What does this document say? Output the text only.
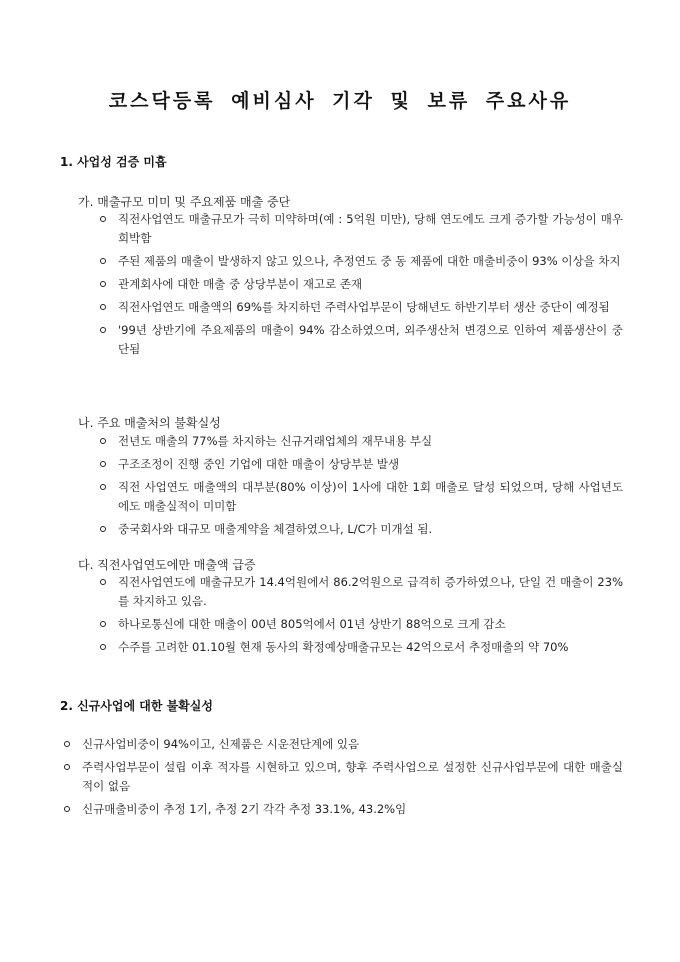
코스닥등록 예비심사 기각 및 보류 주요사유
1. 사업성 검증 미흡
가. 매출규모 미미 및 주요제품 매출 중단
직전사업연도 매출규모가 극히 미약하며(예 : 5억원 미만), 당해 연도에도 크게 증가할 가능성이 매우 희박함
주된 제품의 매출이 발생하지 않고 있으나, 추정연도 중 동 제품에 대한 매출비중이 93% 이상을 차지
관계회사에 대한 매출 중 상당부분이 재고로 존재
직전사업연도 매출액의 69%를 차지하던 주력사업부문이 당해년도 하반기부터 생산 중단이 예정됨
'99년 상반기에 주요제품의 매출이 94% 감소하였으며, 외주생산처 변경으로 인하여 제품생산이 중단됨
나. 주요 매출처의 불확실성
전년도 매출의 77%를 차지하는 신규거래업체의 재무내용 부실
구조조정이 진행 중인 기업에 대한 매출이 상당부분 발생
직전 사업연도 매출액의 대부분(80% 이상)이 1사에 대한 1회 매출로 달성 되었으며, 당해 사업년도에도 매출실적이 미미함
중국회사와 대규모 매출계약을 체결하였으나, L/C가 미개설 됨.
다. 직전사업연도에만 매출액 급증
직전사업연도에 매출규모가 14.4억원에서 86.2억원으로 급격히 증가하였으나, 단일 건 매출이 23%를 차지하고 있음.
하나로통신에 대한 매출이 00년 805억에서 01년 상반기 88억으로 크게 감소
수주를 고려한 01.10월 현재 동사의 확정예상매출규모는 42억으로서 추정매출의 약 70%
2. 신규사업에 대한 불확실성
신규사업비중이 94%이고, 신제품은 시운전단계에 있음
주력사업부문이 설립 이후 적자를 시현하고 있으며, 향후 주력사업으로 설정한 신규사업부문에 대한 매출실적이 없음
신규매출비중이 추정 1기, 추정 2기 각각 추정 33.1%, 43.2%임
